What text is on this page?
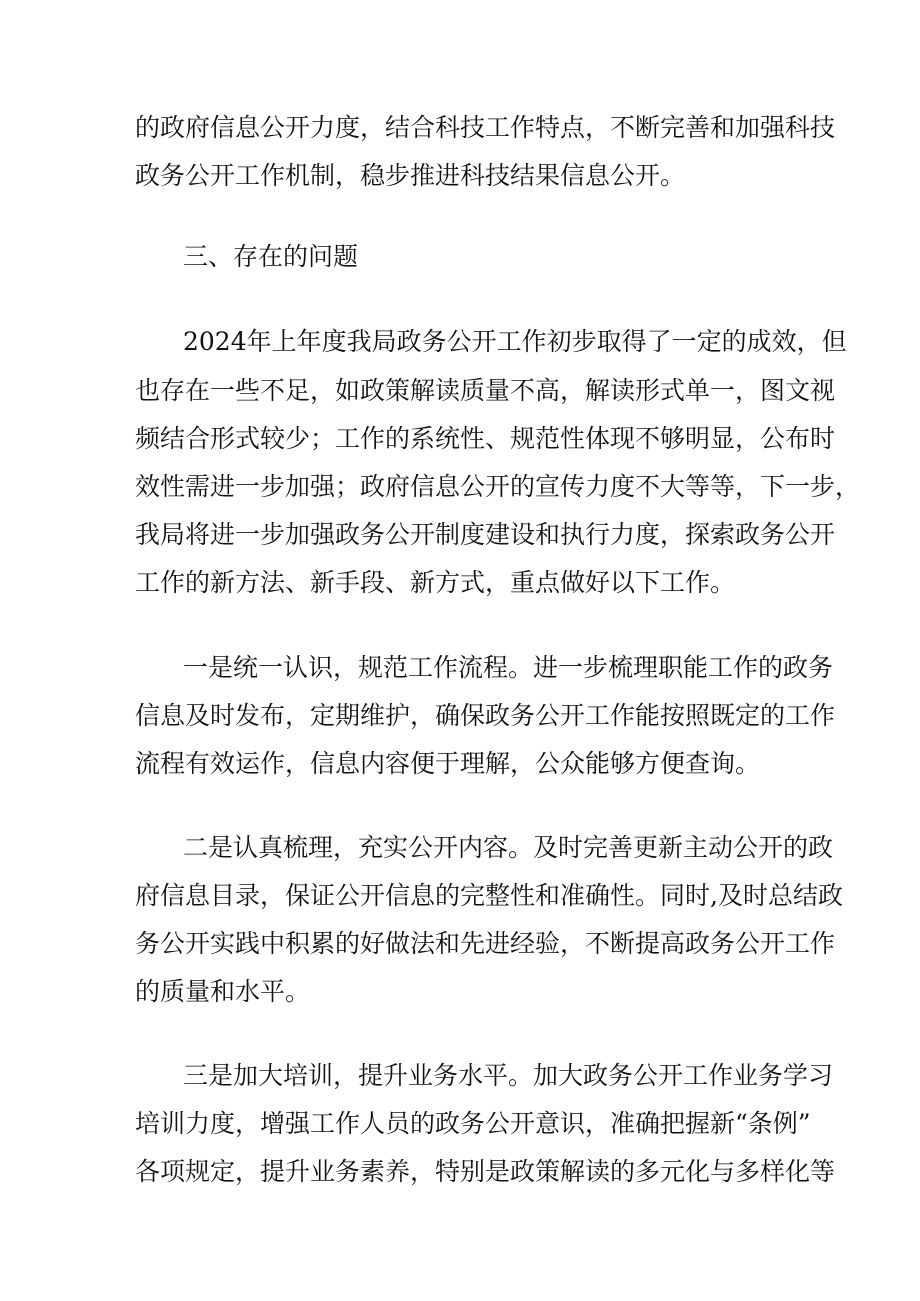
的政府信息公开力度，结合科技工作特点，不断完善和加强科技
政务公开工作机制，稳步推进科技结果信息公开。
三、存在的问题
2024年上年度我局政务公开工作初步取得了一定的成效，但
也存在一些不足，如政策解读质量不高，解读形式单一，图文视
频结合形式较少；工作的系统性、规范性体现不够明显，公布时
效性需进一步加强；政府信息公开的宣传力度不大等等，下一步，
我局将进一步加强政务公开制度建设和执行力度，探索政务公开
工作的新方法、新手段、新方式，重点做好以下工作。
一是统一认识，规范工作流程。进一步梳理职能工作的政务
信息及时发布，定期维护，确保政务公开工作能按照既定的工作
流程有效运作，信息内容便于理解，公众能够方便查询。
二是认真梳理，充实公开内容。及时完善更新主动公开的政
府信息目录，保证公开信息的完整性和准确性。同时,及时总结政
务公开实践中积累的好做法和先进经验，不断提高政务公开工作
的质量和水平。
三是加大培训，提升业务水平。加大政务公开工作业务学习
培训力度，增强工作人员的政务公开意识，准确把握新“条例”
各项规定，提升业务素养，特别是政策解读的多元化与多样化等
